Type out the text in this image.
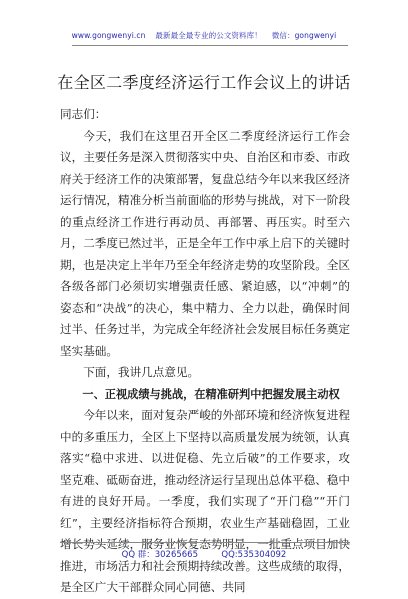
www.gongwenyi.cn 最新最全最专业的公文资料库！ 微信：gongwenyi
在全区二季度经济运行工作会议上的讲话

同志们：

今天，我们在这里召开全区二季度经济运行工作会议，主要任务是深入贯彻落实中央、自治区和市委、市政府关于经济工作的决策部署，复盘总结今年以来我区经济运行情况，精准分析当前面临的形势与挑战，对下一阶段的重点经济工作进行再动员、再部署、再压实。时至六月，二季度已然过半，正是全年工作中承上启下的关键时期，也是决定上半年乃至全年经济走势的攻坚阶段。全区各级各部门必须切实增强责任感、紧迫感，以“冲刺”的姿态和“决战”的决心，集中精力、全力以赴，确保时间过半、任务过半，为完成全年经济社会发展目标任务奠定坚实基础。

下面，我讲几点意见。

一、正视成绩与挑战，在精准研判中把握发展主动权

今年以来，面对复杂严峻的外部环境和经济恢复进程中的多重压力，全区上下坚持以高质量发展为统领，认真落实“稳中求进、以进促稳、先立后破”的工作要求，攻坚克难、砥砺奋进，推动经济运行呈现出总体平稳、稳中有进的良好开局。一季度，我们实现了“开门稳”“开门红”，主要经济指标符合预期，农业生产基础稳固，工业增长势头延续，服务业恢复态势明显，一批重点项目加快推进，市场活力和社会预期持续改善。这些成绩的取得，是全区广大干部群众同心同德、共同

QQ 群：30265665	QQ:535304092
